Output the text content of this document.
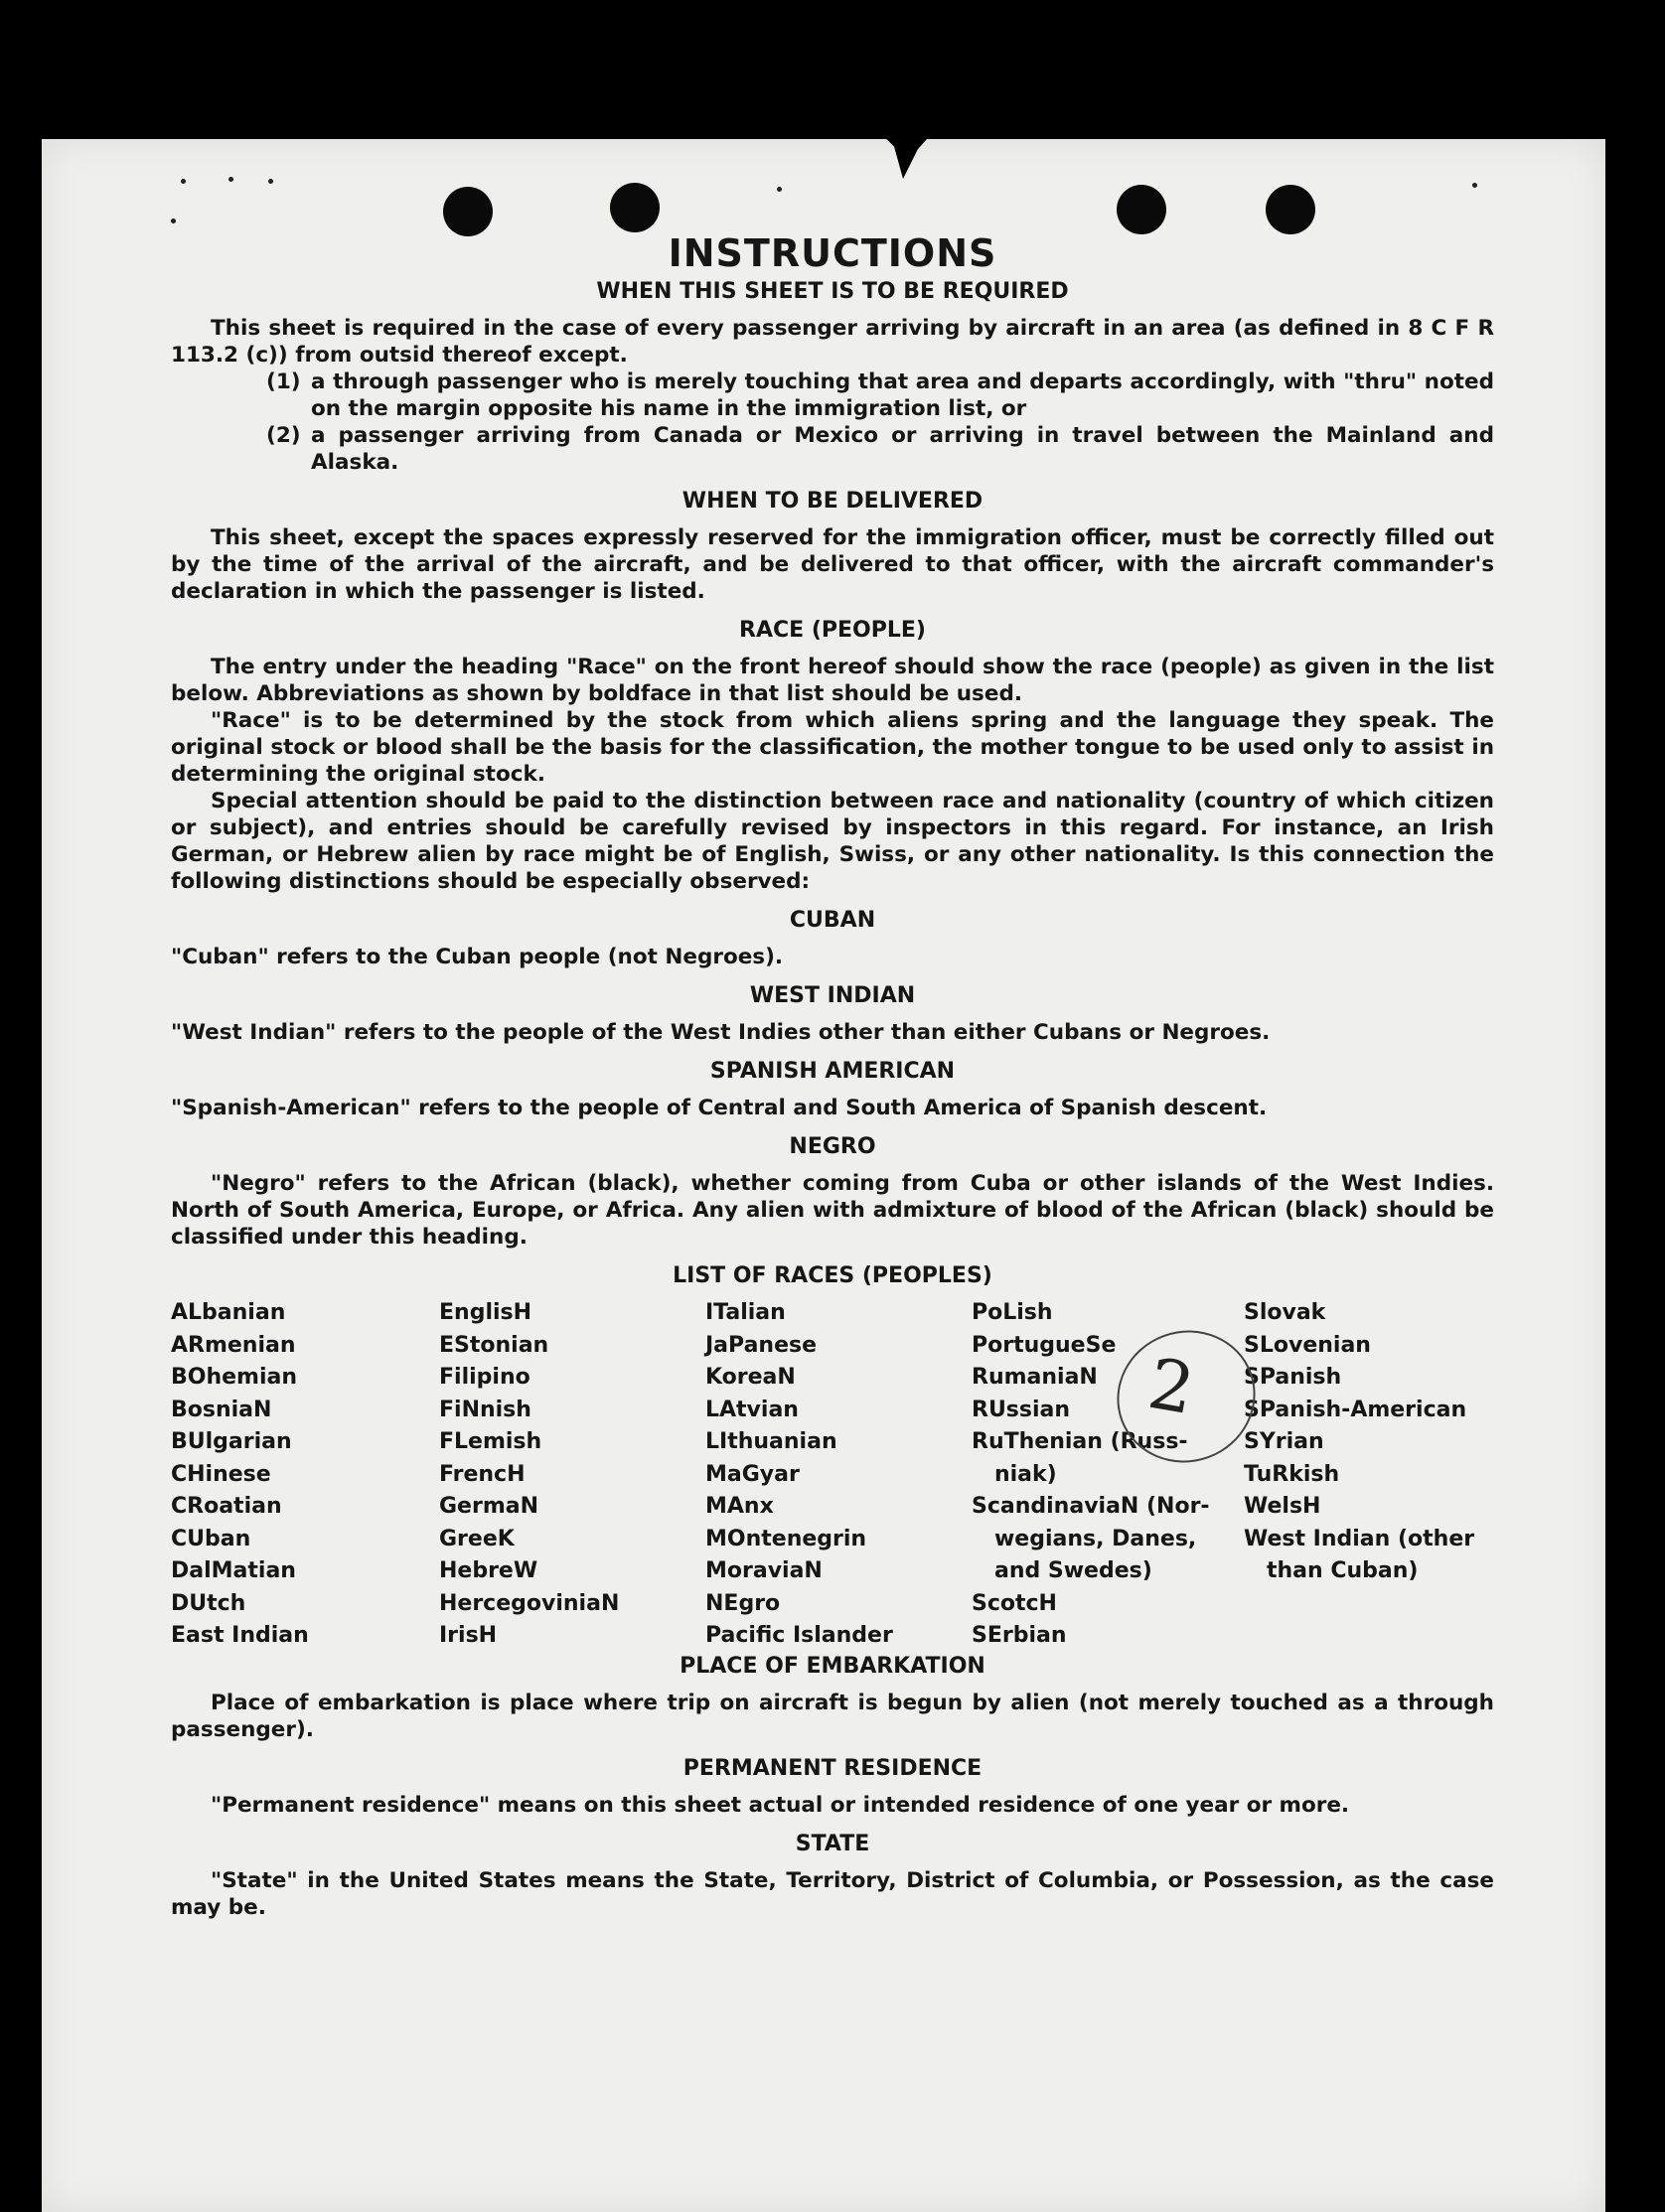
INSTRUCTIONS
WHEN THIS SHEET IS TO BE REQUIRED

This sheet is required in the case of every passenger arriving by aircraft in an area (as defined in 8 C F R 113.2 (c)) from outsid thereof except.

(1) a through passenger who is merely touching that area and departs accordingly, with "thru" noted on the margin opposite his name in the immigration list, or

(2) a passenger arriving from Canada or Mexico or arriving in travel between the Mainland and Alaska.

WHEN TO BE DELIVERED

This sheet, except the spaces expressly reserved for the immigration officer, must be correctly filled out by the time of the arrival of the aircraft, and be delivered to that officer, with the aircraft commander's declaration in which the passenger is listed.

RACE (PEOPLE)

The entry under the heading "Race" on the front hereof should show the race (people) as given in the list below. Abbreviations as shown by boldface in that list should be used.

"Race" is to be determined by the stock from which aliens spring and the language they speak. The original stock or blood shall be the basis for the classification, the mother tongue to be used only to assist in determining the original stock.

Special attention should be paid to the distinction between race and nationality (country of which citizen or subject), and entries should be carefully revised by inspectors in this regard. For instance, an Irish German, or Hebrew alien by race might be of English, Swiss, or any other nationality. Is this connection the following distinctions should be especially observed:

CUBAN

"Cuban" refers to the Cuban people (not Negroes).

WEST INDIAN

"West Indian" refers to the people of the West Indies other than either Cubans or Negroes.

SPANISH AMERICAN

"Spanish-American" refers to the people of Central and South America of Spanish descent.

NEGRO

"Negro" refers to the African (black), whether coming from Cuba or other islands of the West Indies. North of South America, Europe, or Africa. Any alien with admixture of blood of the African (black) should be classified under this heading.

LIST OF RACES (PEOPLES)
ALbanian	EnglisH	ITalian	PoLish	Slovak
ARmenian	EStonian	JaPanese	PortugueSe	SLovenian
BOhemian	Filipino	KoreaN	RumaniaN	SPanish
BosniaN	FiNnish	LAtvian	RUssian	SPanish-American
BUlgarian	FLemish	LIthuanian	RuThenian (Russ-	SYrian
CHinese	FrencH	MaGyar	niak)	TuRkish
CRoatian	GermaN	MAnx	ScandinaviaN (Nor-	WelsH
CUban	GreeK	MOntenegrin	wegians, Danes,	West Indian (other
DalMatian	HebreW	MoraviaN	and Swedes)	than Cuban)
DUtch	HercegoviniaN	NEgro	ScotcH
East Indian	IrisH	Pacific Islander	SErbian
PLACE OF EMBARKATION

Place of embarkation is place where trip on aircraft is begun by alien (not merely touched as a through passenger).

PERMANENT RESIDENCE

"Permanent residence" means on this sheet actual or intended residence of one year or more.

STATE

"State" in the United States means the State, Territory, District of Columbia, or Possession, as the case may be.

2
